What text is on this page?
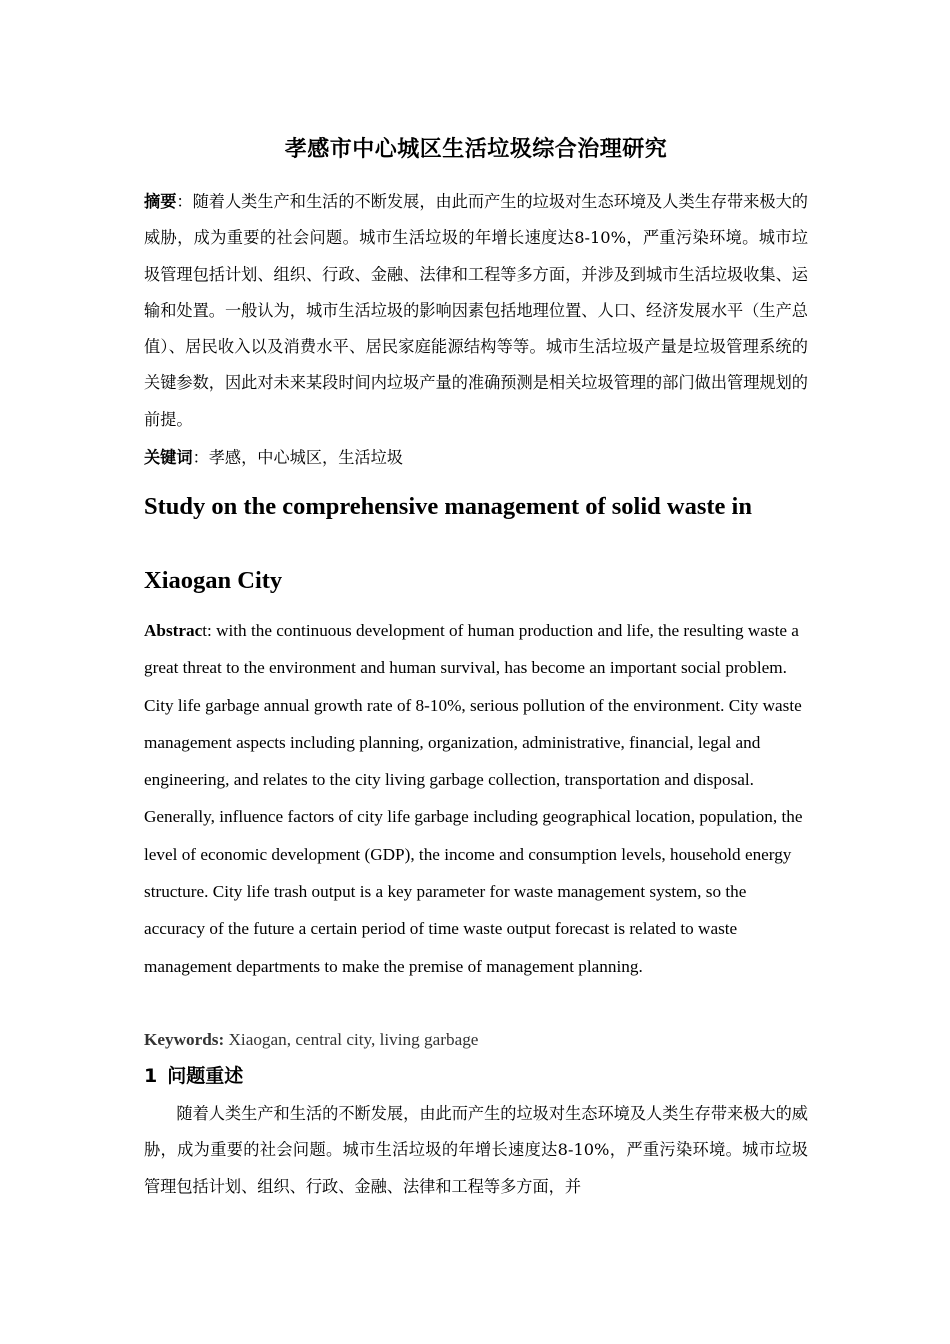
孝感市中心城区生活垃圾综合治理研究
摘要：随着人类生产和生活的不断发展，由此而产生的垃圾对生态环境及人类生存带来极大的威胁，成为重要的社会问题。城市生活垃圾的年增长速度达8-10%，严重污染环境。城市垃圾管理包括计划、组织、行政、金融、法律和工程等多方面，并涉及到城市生活垃圾收集、运输和处置。一般认为，城市生活垃圾的影响因素包括地理位置、人口、经济发展水平（生产总值）、居民收入以及消费水平、居民家庭能源结构等等。城市生活垃圾产量是垃圾管理系统的关键参数，因此对未来某段时间内垃圾产量的准确预测是相关垃圾管理的部门做出管理规划的前提。
关键词：孝感，中心城区，生活垃圾
Study on the comprehensive management of solid waste in Xiaogan City
Abstract: with the continuous development of human production and life, the resulting waste a great threat to the environment and human survival, has become an important social problem. City life garbage annual growth rate of 8-10%, serious pollution of the environment. City waste management aspects including planning, organization, administrative, financial, legal and engineering, and relates to the city living garbage collection, transportation and disposal. Generally, influence factors of city life garbage including geographical location, population, the level of economic development (GDP), the income and consumption levels, household energy structure. City life trash output is a key parameter for waste management system, so the accuracy of the future a certain period of time waste output forecast is related to waste management departments to make the premise of management planning.
Keywords: Xiaogan, central city, living garbage
1 问题重述
随着人类生产和生活的不断发展，由此而产生的垃圾对生态环境及人类生存带来极大的威胁，成为重要的社会问题。城市生活垃圾的年增长速度达8-10%，严重污染环境。城市垃圾管理包括计划、组织、行政、金融、法律和工程等多方面，并
